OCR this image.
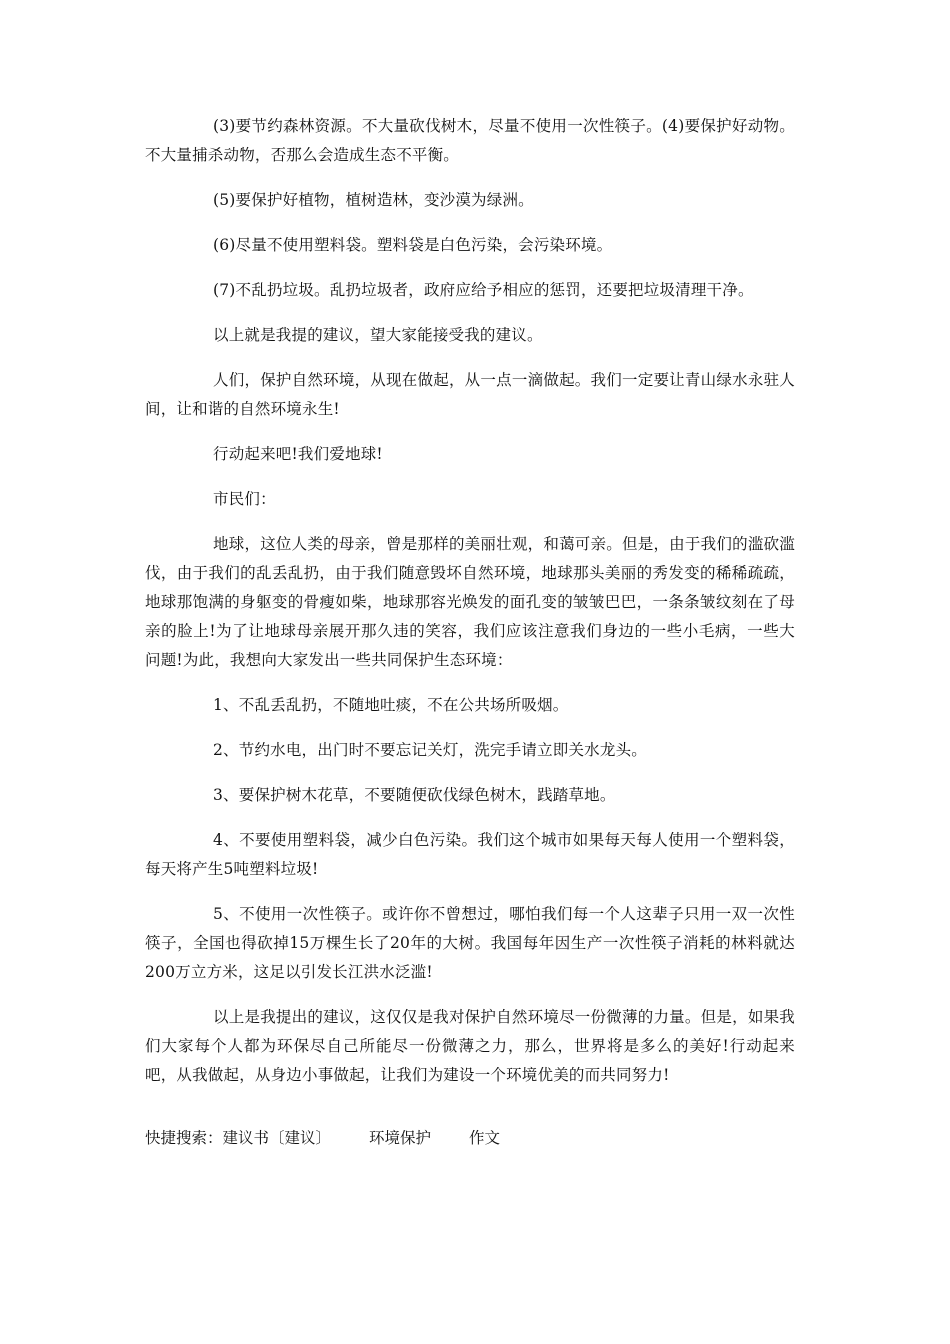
(3)要节约森林资源。不大量砍伐树木，尽量不使用一次性筷子。(4)要保护好动物。不大量捕杀动物，否那么会造成生态不平衡。

(5)要保护好植物，植树造林，变沙漠为绿洲。

(6)尽量不使用塑料袋。塑料袋是白色污染，会污染环境。

(7)不乱扔垃圾。乱扔垃圾者，政府应给予相应的惩罚，还要把垃圾清理干净。

以上就是我提的建议，望大家能接受我的建议。

人们，保护自然环境，从现在做起，从一点一滴做起。我们一定要让青山绿水永驻人间，让和谐的自然环境永生!

行动起来吧!我们爱地球!

市民们：

地球，这位人类的母亲，曾是那样的美丽壮观，和蔼可亲。但是，由于我们的滥砍滥伐，由于我们的乱丢乱扔，由于我们随意毁坏自然环境，地球那头美丽的秀发变的稀稀疏疏，地球那饱满的身躯变的骨瘦如柴，地球那容光焕发的面孔变的皱皱巴巴，一条条皱纹刻在了母亲的脸上!为了让地球母亲展开那久违的笑容，我们应该注意我们身边的一些小毛病，一些大问题!为此，我想向大家发出一些共同保护生态环境：

1、不乱丢乱扔，不随地吐痰，不在公共场所吸烟。

2、节约水电，出门时不要忘记关灯，洗完手请立即关水龙头。

3、要保护树木花草，不要随便砍伐绿色树木，践踏草地。

4、不要使用塑料袋，减少白色污染。我们这个城市如果每天每人使用一个塑料袋，每天将产生5吨塑料垃圾!

5、不使用一次性筷子。或许你不曾想过，哪怕我们每一个人这辈子只用一双一次性筷子，全国也得砍掉15万棵生长了20年的大树。我国每年因生产一次性筷子消耗的林料就达200万立方米，这足以引发长江洪水泛滥!

以上是我提出的建议，这仅仅是我对保护自然环境尽一份微薄的力量。但是，如果我们大家每个人都为环保尽自己所能尽一份微薄之力，那么，世界将是多么的美好!行动起来吧，从我做起，从身边小事做起，让我们为建设一个环境优美的而共同努力!

快捷搜索：建议书〔建议〕 环境保护 作文
